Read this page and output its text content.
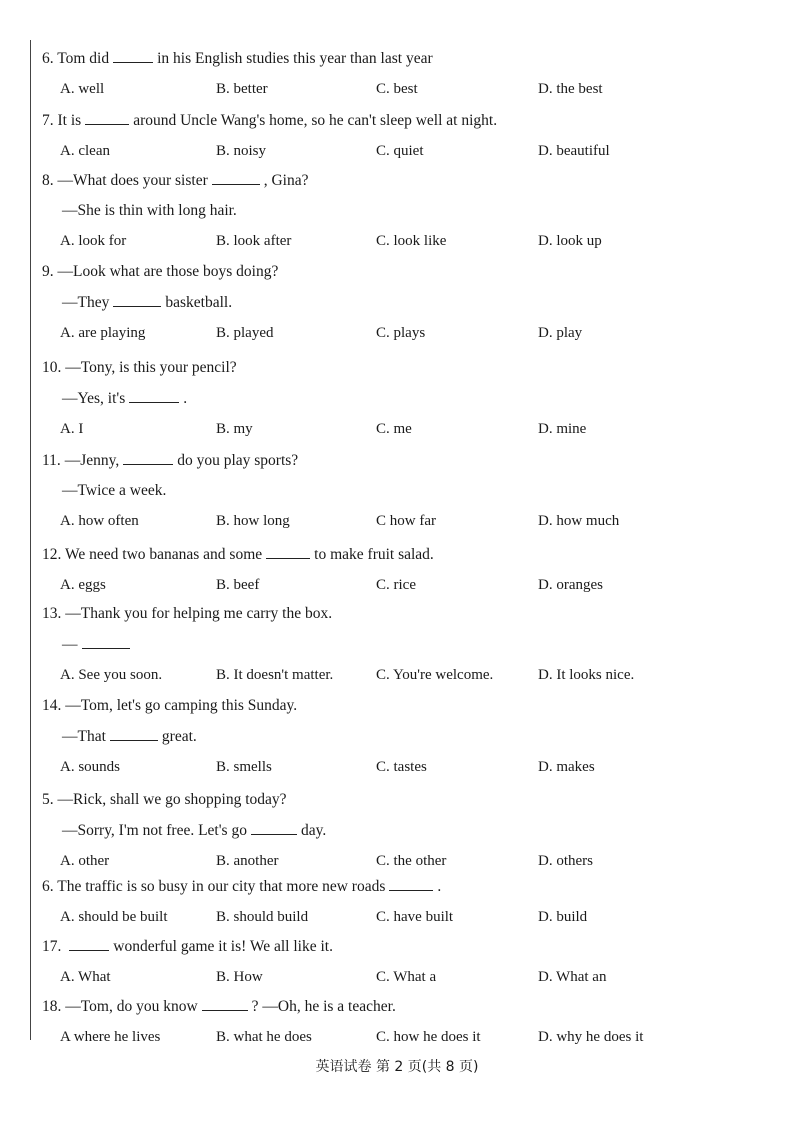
6. Tom did	in his English studies this year than last year
A. well	B. better	C. best	D. the best
7. It is	around Uncle Wang's home, so he can't sleep well at night.
A. clean	B. noisy	C. quiet	D. beautiful
8. —What does your sister	, Gina?
—She is thin with long hair.
A. look for	B. look after	C. look like	D. look up
9. —Look what are those boys doing?
—They	basketball.
A. are playing	B. played	C. plays	D. play
10. —Tony, is this your pencil?
—Yes, it's	.
A. I	B. my	C. me	D. mine
11. —Jenny,	do you play sports?
—Twice a week.
A. how often	B. how long	C how far	D. how much
12. We need two bananas and some	to make fruit salad.
A. eggs	B. beef	C. rice	D. oranges
13. —Thank you for helping me carry the box.
—
A. See you soon.	B. It doesn't matter.	C. You're welcome.	D. It looks nice.
14. —Tom, let's go camping this Sunday.
—That	great.
A. sounds	B. smells	C. tastes	D. makes
5. —Rick, shall we go shopping today?
—Sorry, I'm not free. Let's go	day.
A. other	B. another	C. the other	D. others
6. The traffic is so busy in our city that more new roads	.
A. should be built	B. should build	C. have built	D. build
17.	wonderful game it is! We all like it.
A. What	B. How	C. What a	D. What an
18. —Tom, do you know	? —Oh, he is a teacher.
A where he lives	B. what he does	C. how he does it	D. why he does it
英语试卷 第 2 页(共 8 页)
